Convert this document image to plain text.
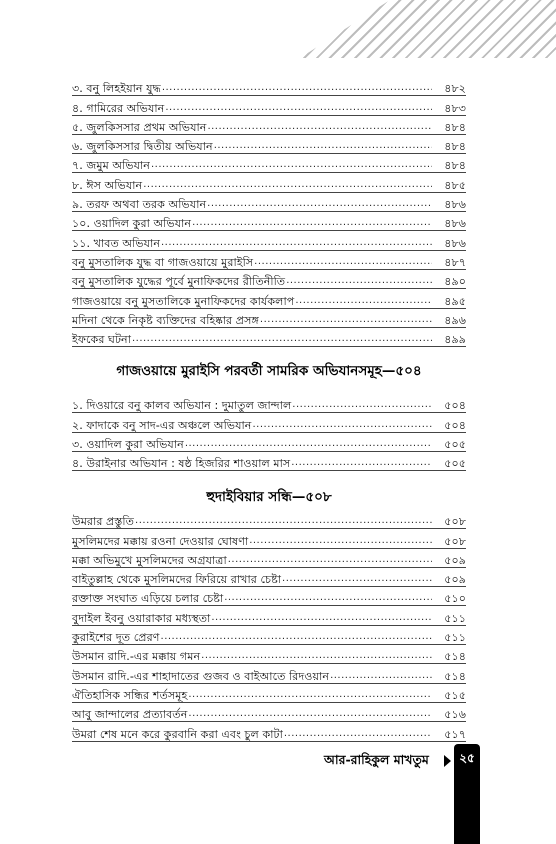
৩. বনু লিহইয়ান যুদ্ধ .....	৪৮২
৪. গামিরের অভিযান .....	৪৮৩
৫. জুলকিসসার প্রথম অভিযান .....	৪৮৪
৬. জুলকিসসার দ্বিতীয় অভিযান .....	৪৮৪
৭. জমুম অভিযান .....	৪৮৪
৮. ঈস অভিযান .....	৪৮৫
৯. তরফ অথবা তরক অভিযান .....	৪৮৬
১০. ওয়াদিল কুরা অভিযান .....	৪৮৬
১১. খাবত অভিযান .....	৪৮৬
বনু মুসতালিক যুদ্ধ বা গাজওয়ায়ে মুরাইসি .....	৪৮৭
বনু মুসতালিক যুদ্ধের পূর্বে মুনাফিকদের রীতিনীতি .....	৪৯০
গাজওয়ায়ে বনু মুসতালিকে মুনাফিকদের কার্যকলাপ .....	৪৯৫
মদিনা থেকে নিকৃষ্ট ব্যক্তিদের বহিষ্কার প্রসঙ্গ .....	৪৯৬
ইফকের ঘটনা .....	৪৯৯
গাজওয়ায়ে মুরাইসি পরবর্তী সামরিক অভিযানসমূহ—৫০৪
১. দিওয়ারে বনু কালব অভিযান : দুমাতুল জান্দাল .....	৫০৪
২. ফাদাকে বনু সাদ-এর অঞ্চলে অভিযান .....	৫০৪
৩. ওয়াদিল কুরা অভিযান .....	৫০৫
৪. উরাইনার অভিযান : ষষ্ঠ হিজরির শাওয়াল মাস .....	৫০৫
হুদাইবিয়ার সন্ধি—৫০৮
উমরার প্রস্তুতি .....	৫০৮
মুসলিমদের মক্কায় রওনা দেওয়ার ঘোষণা .....	৫০৮
মক্কা অভিমুখে মুসলিমদের অগ্রযাত্রা .....	৫০৯
বাইতুল্লাহ থেকে মুসলিমদের ফিরিয়ে রাখার চেষ্টা .....	৫০৯
রক্তাক্ত সংঘাত এড়িয়ে চলার চেষ্টা .....	৫১০
বুদাইল ইবনু ওয়ারাকার মধ্যস্থতা .....	৫১১
কুরাইশের দূত প্রেরণ .....	৫১১
উসমান রাদি.-এর মক্কায় গমন .....	৫১৪
উসমান রাদি.-এর শাহাদাতের গুজব ও বাইআতে রিদওয়ান .....	৫১৪
ঐতিহাসিক সন্ধির শর্তসমূহ .....	৫১৫
আবু জান্দালের প্রত্যাবর্তন .....	৫১৬
উমরা শেষ মনে করে কুরবানি করা এবং চুল কাটা .....	৫১৭
আর-রাহিকুল মাখতুম	২৫
